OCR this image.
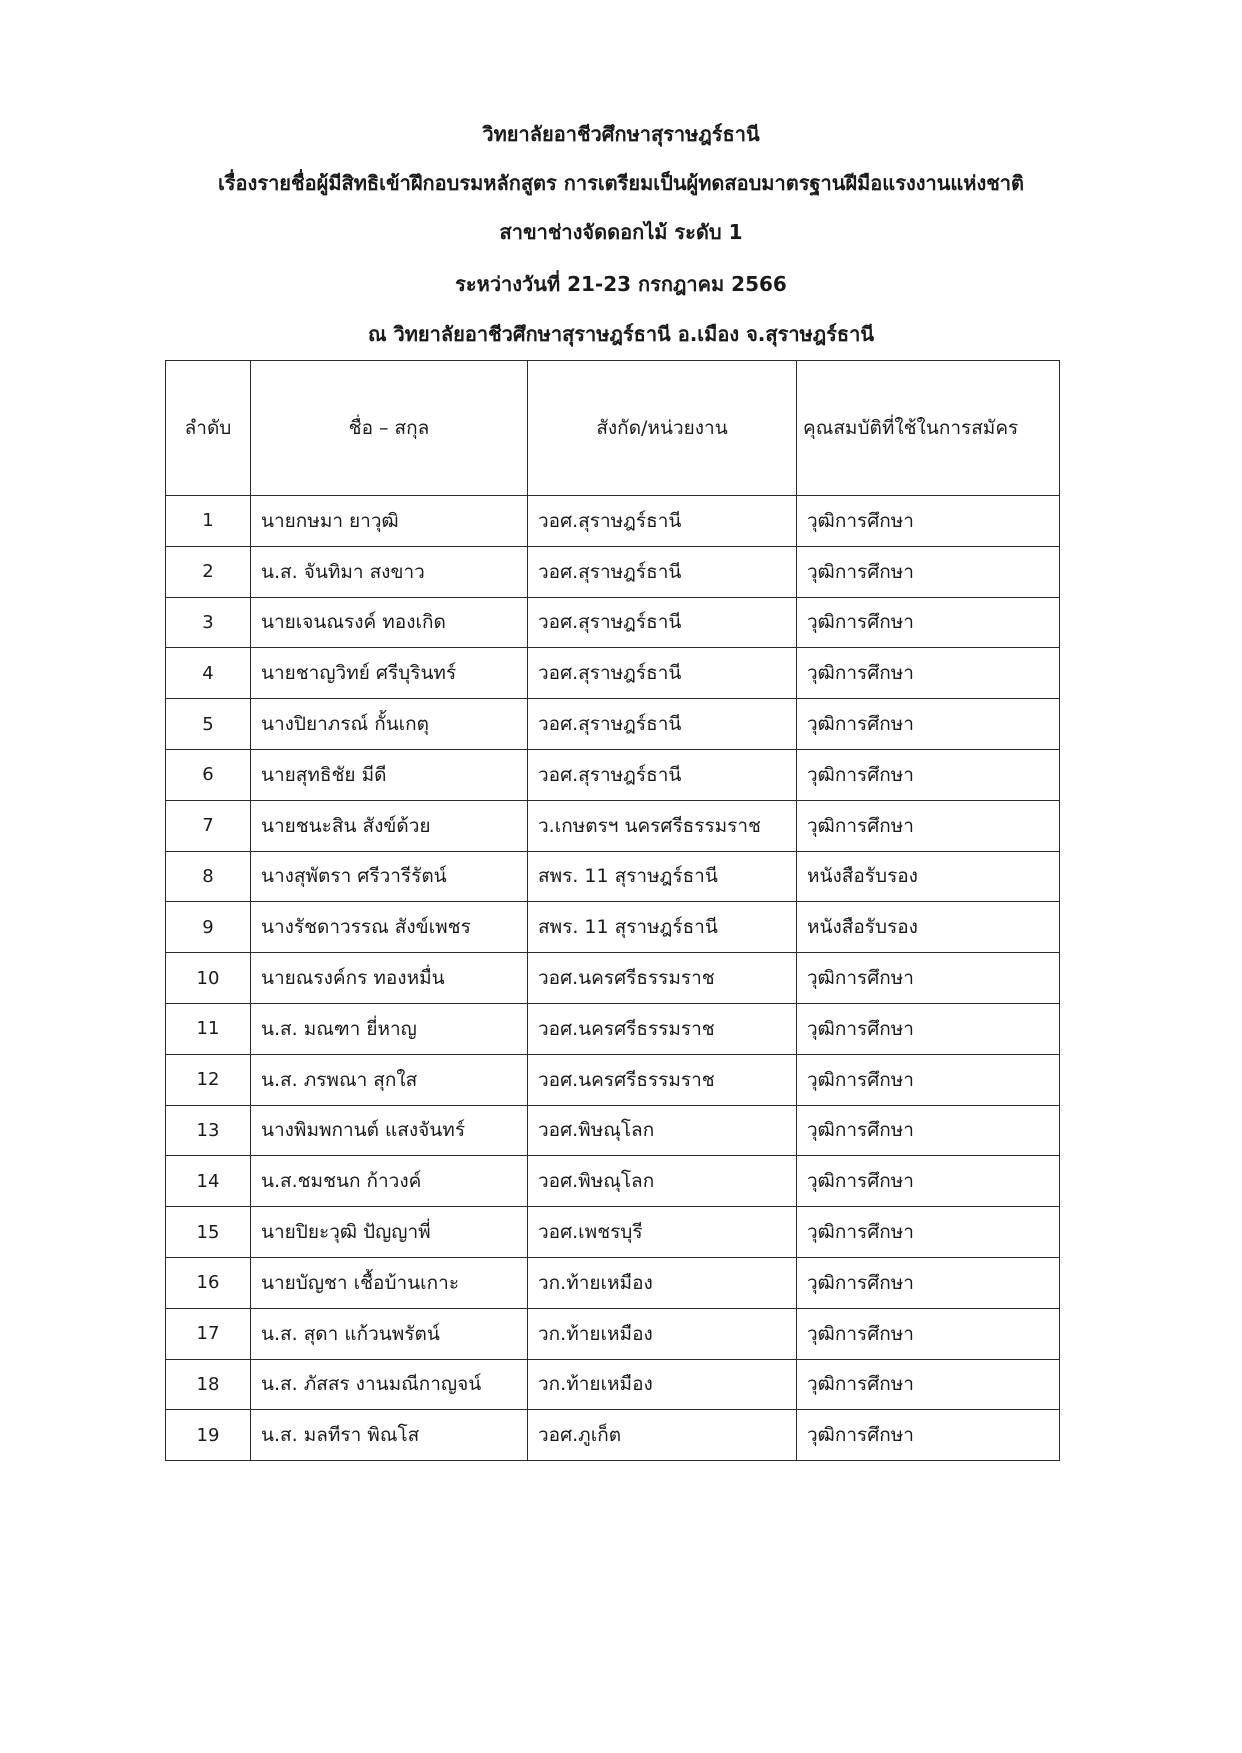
วิทยาลัยอาชีวศึกษาสุราษฎร์ธานี

เรื่องรายชื่อผู้มีสิทธิเข้าฝึกอบรมหลักสูตร การเตรียมเป็นผู้ทดสอบมาตรฐานฝีมือแรงงานแห่งชาติ

สาขาช่างจัดดอกไม้ ระดับ 1

ระหว่างวันที่ 21-23 กรกฎาคม 2566

ณ วิทยาลัยอาชีวศึกษาสุราษฎร์ธานี อ.เมือง จ.สุราษฎร์ธานี

ลำดับ	ชื่อ – สกุล	สังกัด/หน่วยงาน	คุณสมบัติที่ใช้ในการสมัคร
1	นายกษมา ยาวุฒิ	วอศ.สุราษฎร์ธานี	วุฒิการศึกษา
2	น.ส. จันทิมา สงขาว	วอศ.สุราษฎร์ธานี	วุฒิการศึกษา
3	นายเจนณรงค์ ทองเกิด	วอศ.สุราษฎร์ธานี	วุฒิการศึกษา
4	นายชาญวิทย์ ศรีบุรินทร์	วอศ.สุราษฎร์ธานี	วุฒิการศึกษา
5	นางปิยาภรณ์ กั้นเกตุ	วอศ.สุราษฎร์ธานี	วุฒิการศึกษา
6	นายสุทธิชัย มีดี	วอศ.สุราษฎร์ธานี	วุฒิการศึกษา
7	นายชนะสิน สังข์ด้วย	ว.เกษตรฯ นครศรีธรรมราช	วุฒิการศึกษา
8	นางสุพัตรา ศรีวารีรัตน์	สพร. 11 สุราษฎร์ธานี	หนังสือรับรอง
9	นางรัชดาวรรณ สังข์เพชร	สพร. 11 สุราษฎร์ธานี	หนังสือรับรอง
10	นายณรงค์กร ทองหมื่น	วอศ.นครศรีธรรมราช	วุฒิการศึกษา
11	น.ส. มณฑา ยี่หาญ	วอศ.นครศรีธรรมราช	วุฒิการศึกษา
12	น.ส. ภรพณา สุกใส	วอศ.นครศรีธรรมราช	วุฒิการศึกษา
13	นางพิมพกานต์ แสงจันทร์	วอศ.พิษณุโลก	วุฒิการศึกษา
14	น.ส.ชมชนก ก้าวงค์	วอศ.พิษณุโลก	วุฒิการศึกษา
15	นายปิยะวุฒิ ปัญญาพี่	วอศ.เพชรบุรี	วุฒิการศึกษา
16	นายบัญชา เชื้อบ้านเกาะ	วก.ท้ายเหมือง	วุฒิการศึกษา
17	น.ส. สุดา แก้วนพรัตน์	วก.ท้ายเหมือง	วุฒิการศึกษา
18	น.ส. ภัสสร งานมณีกาญจน์	วก.ท้ายเหมือง	วุฒิการศึกษา
19	น.ส. มลทีรา พิณโส	วอศ.ภูเก็ต	วุฒิการศึกษา
